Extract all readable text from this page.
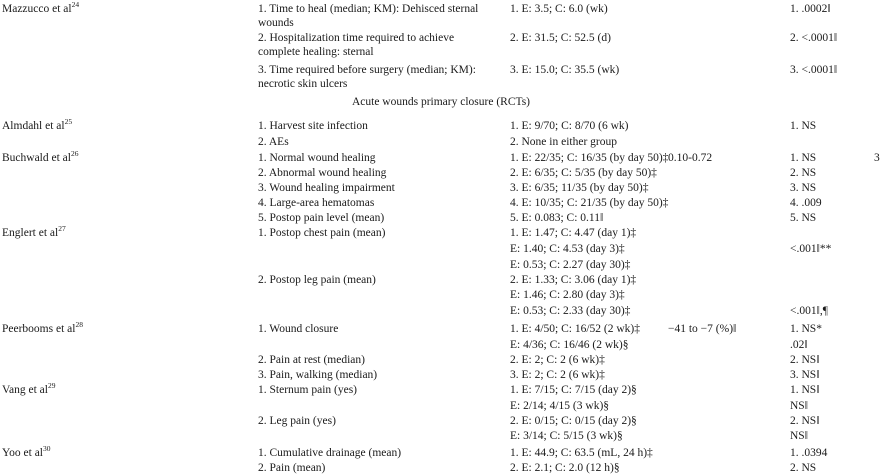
Mazzucco et $al^{24}$	1. Time to heal (median; KM): Dehisced sternal	1. E: 3.5; C: 6.0 (wk)	1. .0002‖
wounds
2. Hospitalization time required to achieve	2. E: 31.5; C: 52.5 (d)	2. <.0001‖
complete healing: sternal
3. Time required before surgery (median; KM):	3. E: 15.0; C: 35.5 (wk)	3. <.0001‖
necrotic skin ulcers
Acute wounds primary closure (RCTs)
Almdahl et $al^{25}$	1. Harvest site infection	1. E: 9/70; C: 8/70 (6 wk)	1. NS
2. AEs	2. None in either group
Buchwald et $al^{26}$	1. Normal wound healing	1. E: 22/35; C: 16/35 (by day 50)‡ 0.10-0.72	1. NS	3
2. Abnormal wound healing	2. E: 6/35; C: 5/35 (by day 50)‡	2. NS
3. Wound healing impairment	3. E: 6/35; 11/35 (by day 50)‡	3. NS
4. Large-area hematomas	4. E: 10/35; C: 21/35 (by day 50)‡	4. .009
5. Postop pain level (mean)	5. E: 0.083; C: 0.11‖	5. NS
Englert et $al^{27}$	1. Postop chest pain (mean)	1. E: 1.47; C: 4.47 (day 1)‡
E: 1.40; C: 4.53 (day 3)‡	<.001‖**
E: 0.53; C: 2.27 (day 30)‡
2. Postop leg pain (mean)	2. E: 1.33; C: 3.06 (day 1)‡
E: 1.46; C: 2.80 (day 3)‡
E: 0.53; C: 2.33 (day 30)‡	<.001‖,¶
Peerbooms et $al^{28}$	1. Wound closure	1. E: 4/50; C: 16/52 (2 wk)‡ −41 to −7 (%)‖	1. NS*
E: 4/36; C: 16/46 (2 wk)§	.02‖
2. Pain at rest (median)	2. E: 2; C: 2 (6 wk)‡	2. NS‖
3. Pain, walking (median)	3. E: 2; C: 2 (6 wk)‡	3. NS‖
Vang et $al^{29}$	1. Sternum pain (yes)	1. E: 7/15; C: 7/15 (day 2)§	1. NS‖
E: 2/14; 4/15 (3 wk)§	NS‖
2. Leg pain (yes)	2. E: 0/15; C: 0/15 (day 2)§	2. NS‖
E: 3/14; C: 5/15 (3 wk)§	NS‖
Yoo et $al^{30}$	1. Cumulative drainage (mean)	1. E: 44.9; C: 63.5 (mL, 24 h)‡	1. .0394
2. Pain (mean)	2. E: 2.1; C: 2.0 (12 h)§	2. NS
